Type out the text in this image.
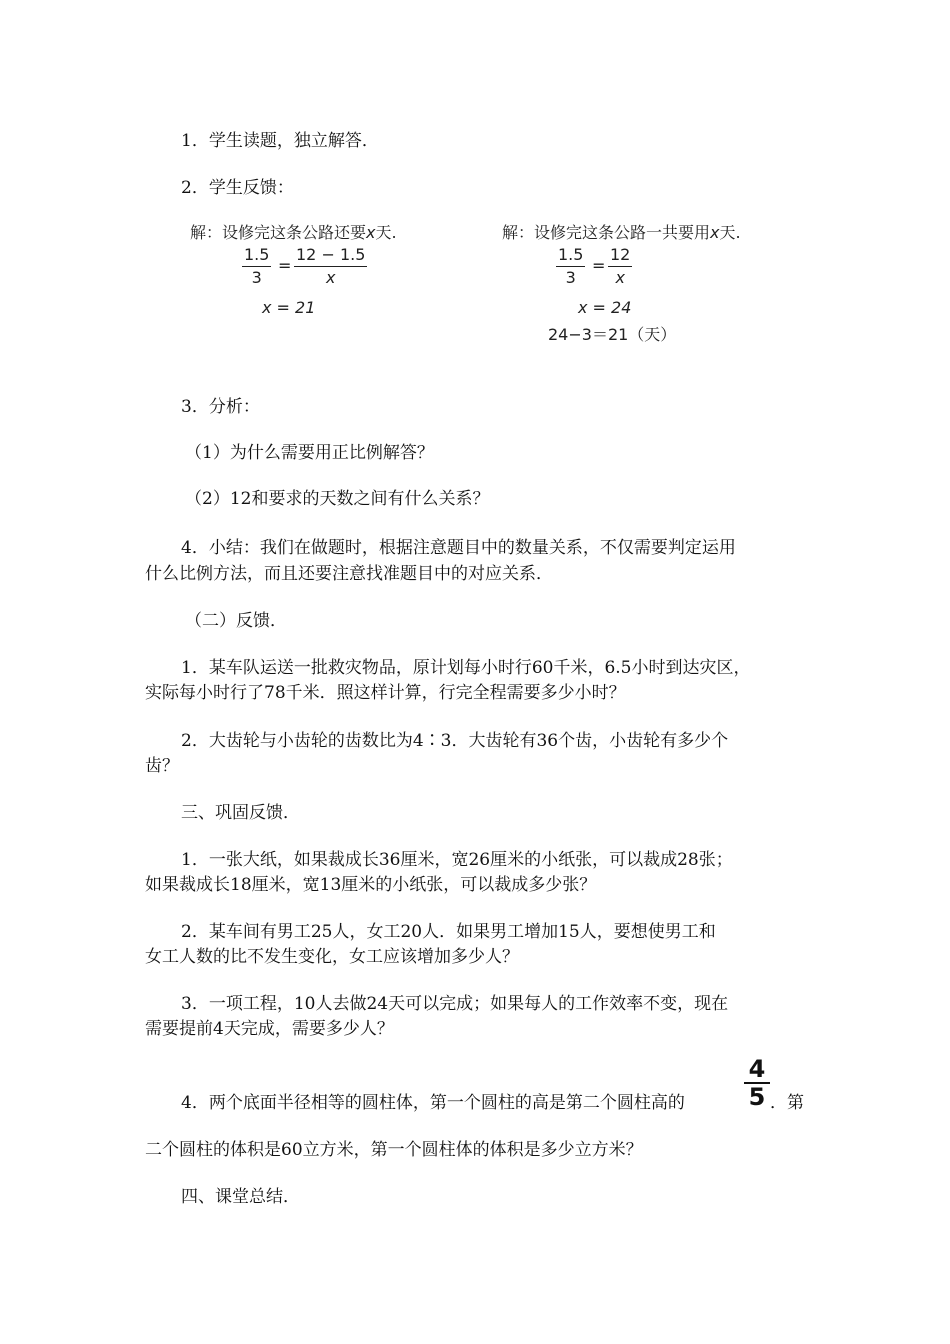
1．学生读题，独立解答．

2．学生反馈：

解：设修完这条公路还要x天.
$\frac{1.5}{3} = \frac{12 - 1.5}{x}$
x = 21
解：设修完这条公路一共要用x天.
$\frac{1.5}{3} = \frac{12}{x}$
x = 24
24−3＝21（天）

3．分析：

（1）为什么需要用正比例解答？

（2）12和要求的天数之间有什么关系？

4．小结：我们在做题时，根据注意题目中的数量关系，不仅需要判定运用

什么比例方法，而且还要注意找准题目中的对应关系．

（二）反馈．

1．某车队运送一批救灾物品，原计划每小时行60千米，6.5小时到达灾区，

实际每小时行了78千米．照这样计算，行完全程需要多少小时？

2．大齿轮与小齿轮的齿数比为4∶3．大齿轮有36个齿，小齿轮有多少个

齿？

三、巩固反馈．

1．一张大纸，如果裁成长36厘米，宽26厘米的小纸张，可以裁成28张；

如果裁成长18厘米，宽13厘米的小纸张，可以裁成多少张？

2．某车间有男工25人，女工20人．如果男工增加15人，要想使男工和

女工人数的比不发生变化，女工应该增加多少人？

3．一项工程，10人去做24天可以完成；如果每人的工作效率不变，现在

需要提前4天完成，需要多少人？

4．两个底面半径相等的圆柱体，第一个圆柱的高是第二个圆柱高的	$\frac{4}{5}$ ．第

二个圆柱的体积是60立方米，第一个圆柱体的体积是多少立方米？

四、课堂总结．
